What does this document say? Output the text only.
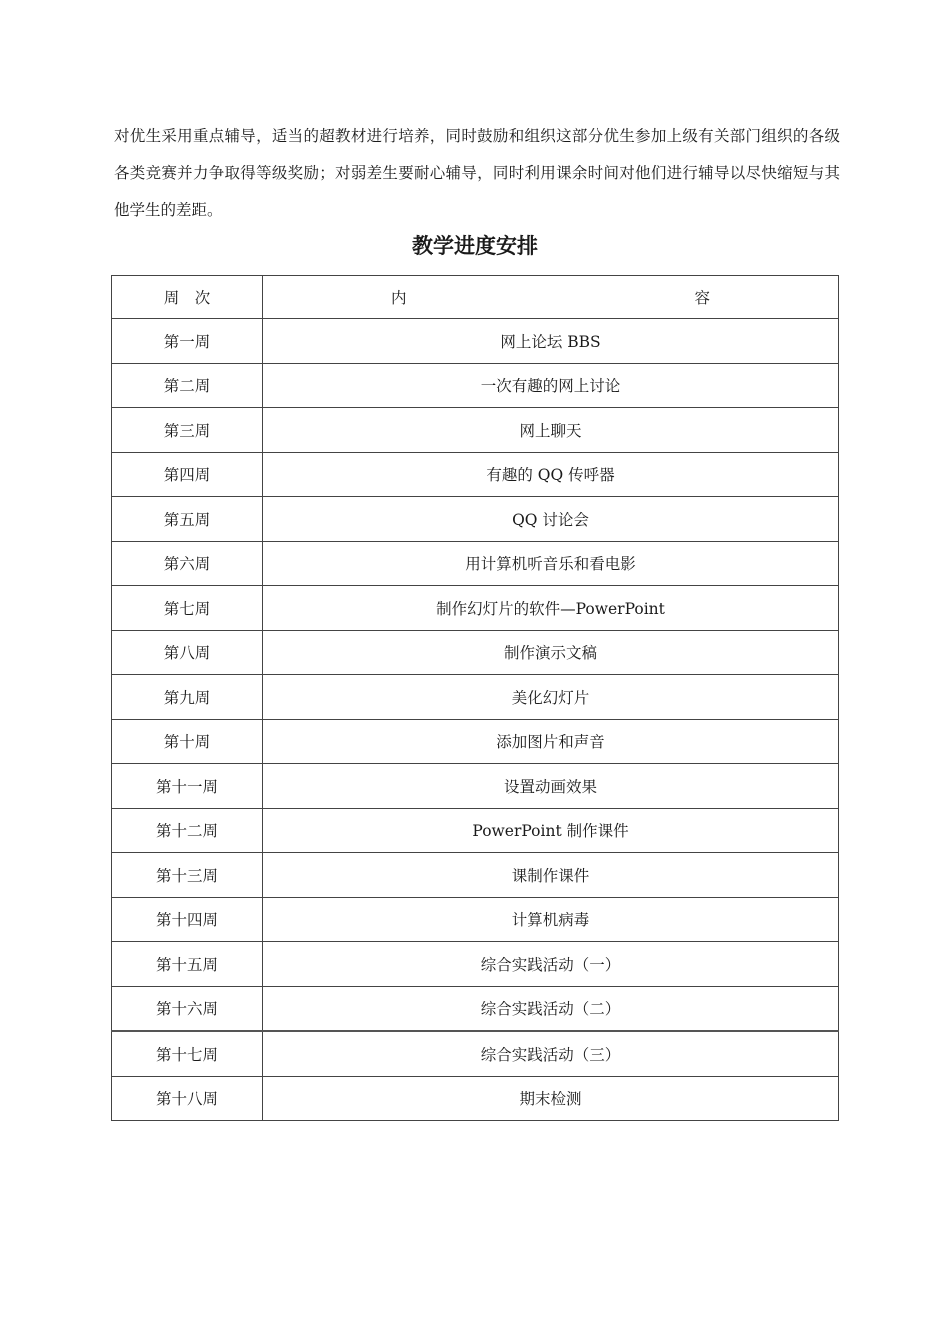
对优生采用重点辅导，适当的超教材进行培养，同时鼓励和组织这部分优生参加上级有关部门组织的各级各类竞赛并力争取得等级奖励；对弱差生要耐心辅导，同时利用课余时间对他们进行辅导以尽快缩短与其他学生的差距。

教学进度安排
周　次	内 容

第一周	网上论坛 BBS
第二周	一次有趣的网上讨论
第三周	网上聊天
第四周	有趣的 QQ 传呼器
第五周	QQ 讨论会
第六周	用计算机听音乐和看电影
第七周	制作幻灯片的软件—PowerPoint
第八周	制作演示文稿
第九周	美化幻灯片
第十周	添加图片和声音
第十一周	设置动画效果
第十二周	PowerPoint 制作课件
第十三周	课制作课件
第十四周	计算机病毒
第十五周	综合实践活动（一）
第十六周	综合实践活动（二）
第十七周	综合实践活动（三）
第十八周	期末检测
